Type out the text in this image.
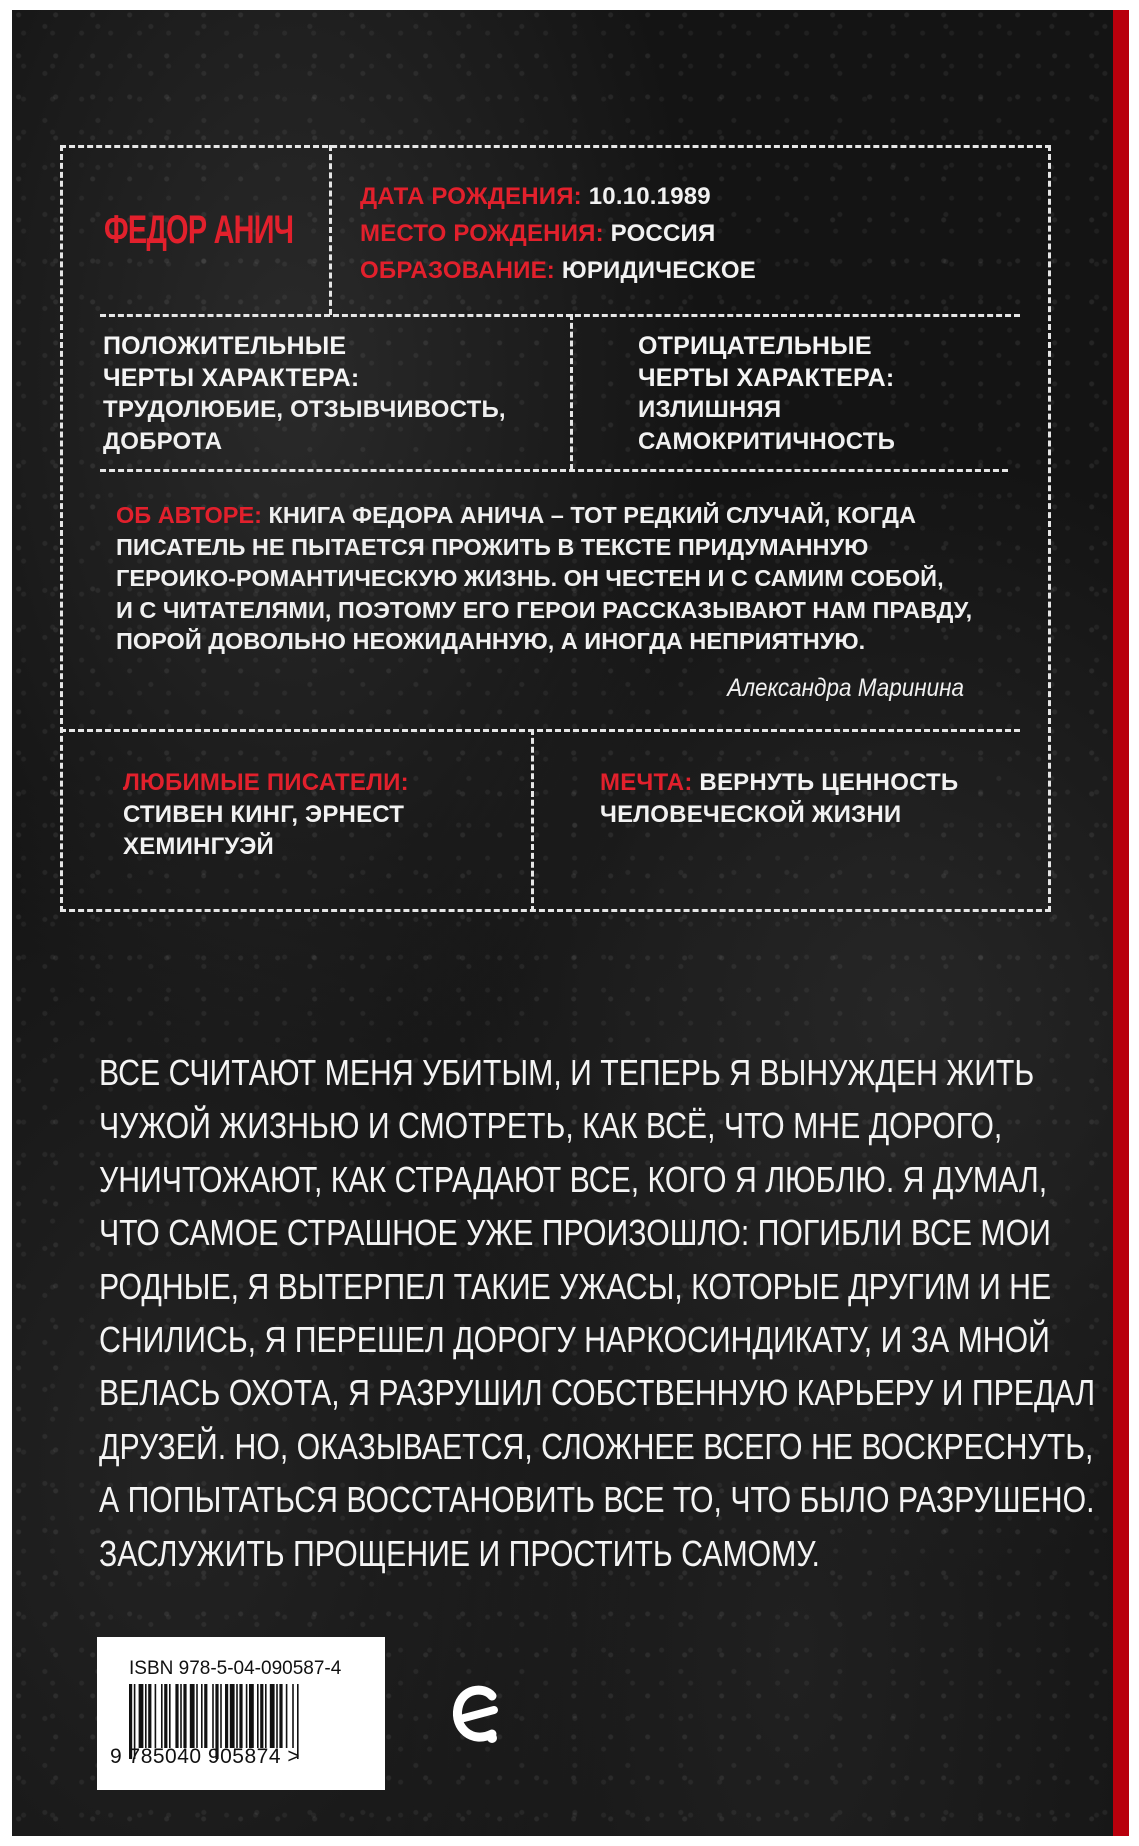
ФЕДОР АНИЧ
ДАТА РОЖДЕНИЯ: 10.10.1989
МЕСТО РОЖДЕНИЯ: РОССИЯ
ОБРАЗОВАНИЕ: ЮРИДИЧЕСКОЕ
ПОЛОЖИТЕЛЬНЫЕ
ЧЕРТЫ ХАРАКТЕРА:
ТРУДОЛЮБИЕ, ОТЗЫВЧИВОСТЬ,
ДОБРОТА
ОТРИЦАТЕЛЬНЫЕ
ЧЕРТЫ ХАРАКТЕРА:
ИЗЛИШНЯЯ
САМОКРИТИЧНОСТЬ
ОБ АВТОРЕ: КНИГА ФЕДОРА АНИЧА – ТОТ РЕДКИЙ СЛУЧАЙ, КОГДА
ПИСАТЕЛЬ НЕ ПЫТАЕТСЯ ПРОЖИТЬ В ТЕКСТЕ ПРИДУМАННУЮ
ГЕРОИКО-РОМАНТИЧЕСКУЮ ЖИЗНЬ. ОН ЧЕСТЕН И С САМИМ СОБОЙ,
И С ЧИТАТЕЛЯМИ, ПОЭТОМУ ЕГО ГЕРОИ РАССКАЗЫВАЮТ НАМ ПРАВДУ,
ПОРОЙ ДОВОЛЬНО НЕОЖИДАННУЮ, А ИНОГДА НЕПРИЯТНУЮ.
Александра Маринина
ЛЮБИМЫЕ ПИСАТЕЛИ:
СТИВЕН КИНГ, ЭРНЕСТ
ХЕМИНГУЭЙ
МЕЧТА: ВЕРНУТЬ ЦЕННОСТЬ
ЧЕЛОВЕЧЕСКОЙ ЖИЗНИ
ВСЕ СЧИТАЮТ МЕНЯ УБИТЫМ, И ТЕПЕРЬ Я ВЫНУЖДЕН ЖИТЬ
ЧУЖОЙ ЖИЗНЬЮ И СМОТРЕТЬ, КАК ВСЁ, ЧТО МНЕ ДОРОГО,
УНИЧТОЖАЮТ, КАК СТРАДАЮТ ВСЕ, КОГО Я ЛЮБЛЮ. Я ДУМАЛ,
ЧТО САМОЕ СТРАШНОЕ УЖЕ ПРОИЗОШЛО: ПОГИБЛИ ВСЕ МОИ
РОДНЫЕ, Я ВЫТЕРПЕЛ ТАКИЕ УЖАСЫ, КОТОРЫЕ ДРУГИМ И НЕ
СНИЛИСЬ, Я ПЕРЕШЕЛ ДОРОГУ НАРКОСИНДИКАТУ, И ЗА МНОЙ
ВЕЛАСЬ ОХОТА, Я РАЗРУШИЛ СОБСТВЕННУЮ КАРЬЕРУ И ПРЕДАЛ
ДРУЗЕЙ. НО, ОКАЗЫВАЕТСЯ, СЛОЖНЕЕ ВСЕГО НЕ ВОСКРЕСНУТЬ,
А ПОПЫТАТЬСЯ ВОССТАНОВИТЬ ВСЕ ТО, ЧТО БЫЛО РАЗРУШЕНО.
ЗАСЛУЖИТЬ ПРОЩЕНИЕ И ПРОСТИТЬ САМОМУ.
ISBN 978-5-04-090587-4
9 785040 905874 >
